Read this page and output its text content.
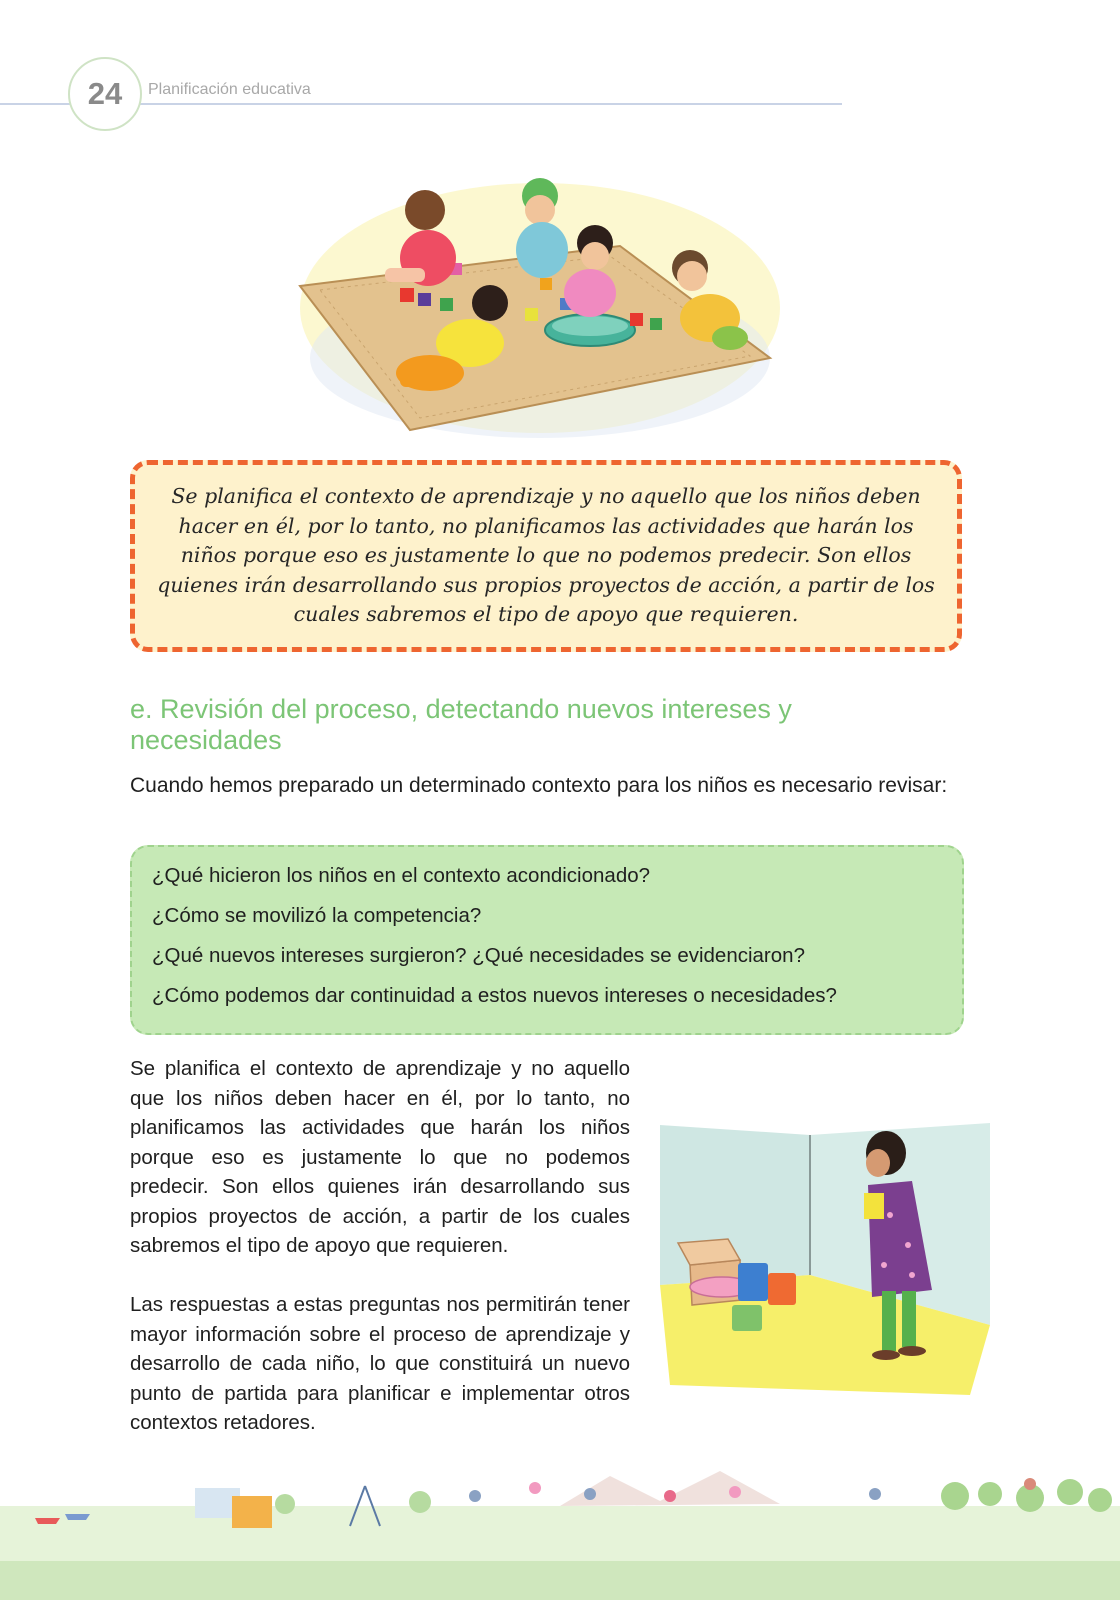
24	Planificación educativa
Se planifica el contexto de aprendizaje y no aquello que los niños deben hacer en él, por lo tanto, no planificamos las actividades que harán los niños porque eso es justamente lo que no podemos predecir. Son ellos quienes irán desarrollando sus propios proyectos de acción, a partir de los cuales sabremos el tipo de apoyo que requieren.
e. Revisión del proceso, detectando nuevos intereses y necesidades
Cuando hemos preparado un determinado contexto para los niños es necesario revisar:
¿Qué hicieron los niños en el contexto acondicionado?
¿Cómo se movilizó la competencia?
¿Qué nuevos intereses surgieron? ¿Qué necesidades se evidenciaron?
¿Cómo podemos dar continuidad a estos nuevos intereses o necesidades?
Se planifica el contexto de aprendizaje y no aquello que los niños deben hacer en él, por lo tanto, no planificamos las actividades que harán los niños porque eso es justamente lo que no podemos predecir. Son ellos quienes irán desarrollando sus propios proyectos de acción, a partir de los cuales sabremos el tipo de apoyo que requieren.
Las respuestas a estas preguntas nos permitirán tener mayor información sobre el proceso de aprendizaje y desarrollo de cada niño, lo que constituirá un nuevo punto de partida para planificar e implementar otros contextos retadores.
